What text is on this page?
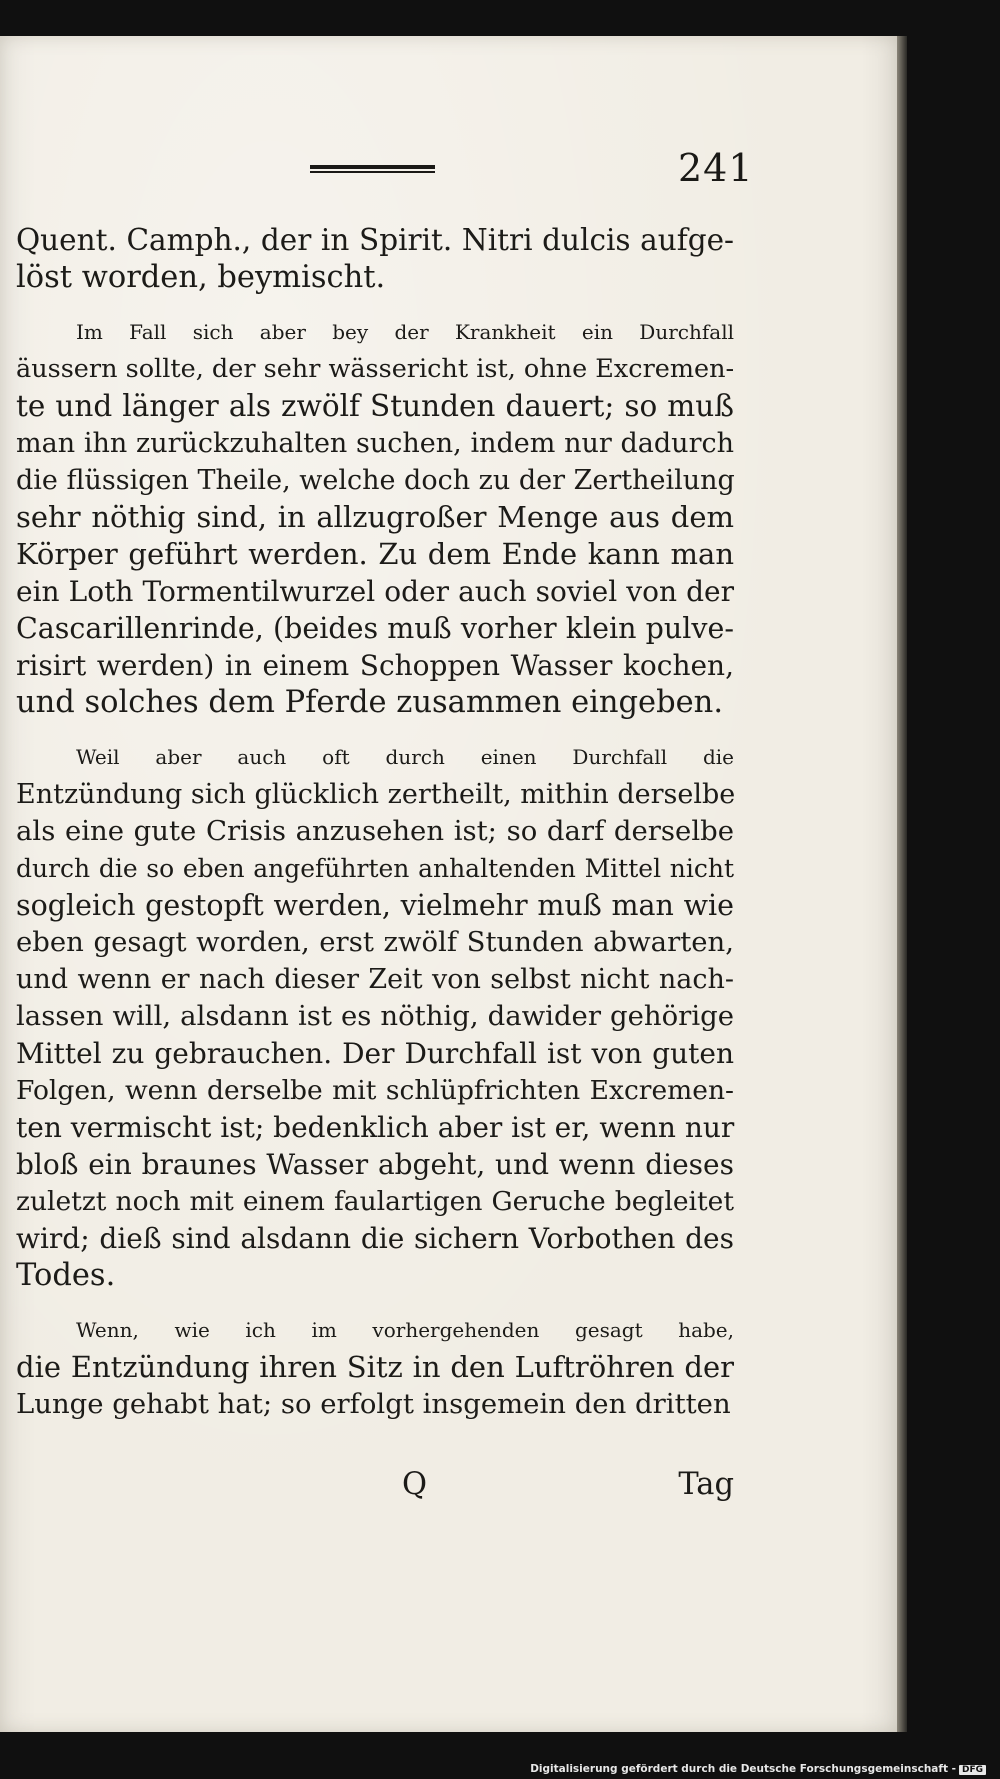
241
Quent. Camph., der in Spirit. Nitri dulcis aufge-
löst worden, beymischt.
Im Fall sich aber bey der Krankheit ein Durchfall
äussern sollte, der sehr wässericht ist, ohne Excremen-
te und länger als zwölf Stunden dauert; so muß
man ihn zurückzuhalten suchen, indem nur dadurch
die flüssigen Theile, welche doch zu der Zertheilung
sehr nöthig sind, in allzugroßer Menge aus dem
Körper geführt werden. Zu dem Ende kann man
ein Loth Tormentilwurzel oder auch soviel von der
Cascarillenrinde, (beides muß vorher klein pulve-
risirt werden) in einem Schoppen Wasser kochen,
und solches dem Pferde zusammen eingeben.
Weil aber auch oft durch einen Durchfall die
Entzündung sich glücklich zertheilt, mithin derselbe
als eine gute Crisis anzusehen ist; so darf derselbe
durch die so eben angeführten anhaltenden Mittel nicht
sogleich gestopft werden, vielmehr muß man wie
eben gesagt worden, erst zwölf Stunden abwarten,
und wenn er nach dieser Zeit von selbst nicht nach-
lassen will, alsdann ist es nöthig, dawider gehörige
Mittel zu gebrauchen. Der Durchfall ist von guten
Folgen, wenn derselbe mit schlüpfrichten Excremen-
ten vermischt ist; bedenklich aber ist er, wenn nur
bloß ein braunes Wasser abgeht, und wenn dieses
zuletzt noch mit einem faulartigen Geruche begleitet
wird; dieß sind alsdann die sichern Vorbothen des
Todes.
Wenn, wie ich im vorhergehenden gesagt habe,
die Entzündung ihren Sitz in den Luftröhren der
Lunge gehabt hat; so erfolgt insgemein den dritten
Q	Tag
Digitalisierung gefördert durch die Deutsche Forschungsgemeinschaft - DFG
